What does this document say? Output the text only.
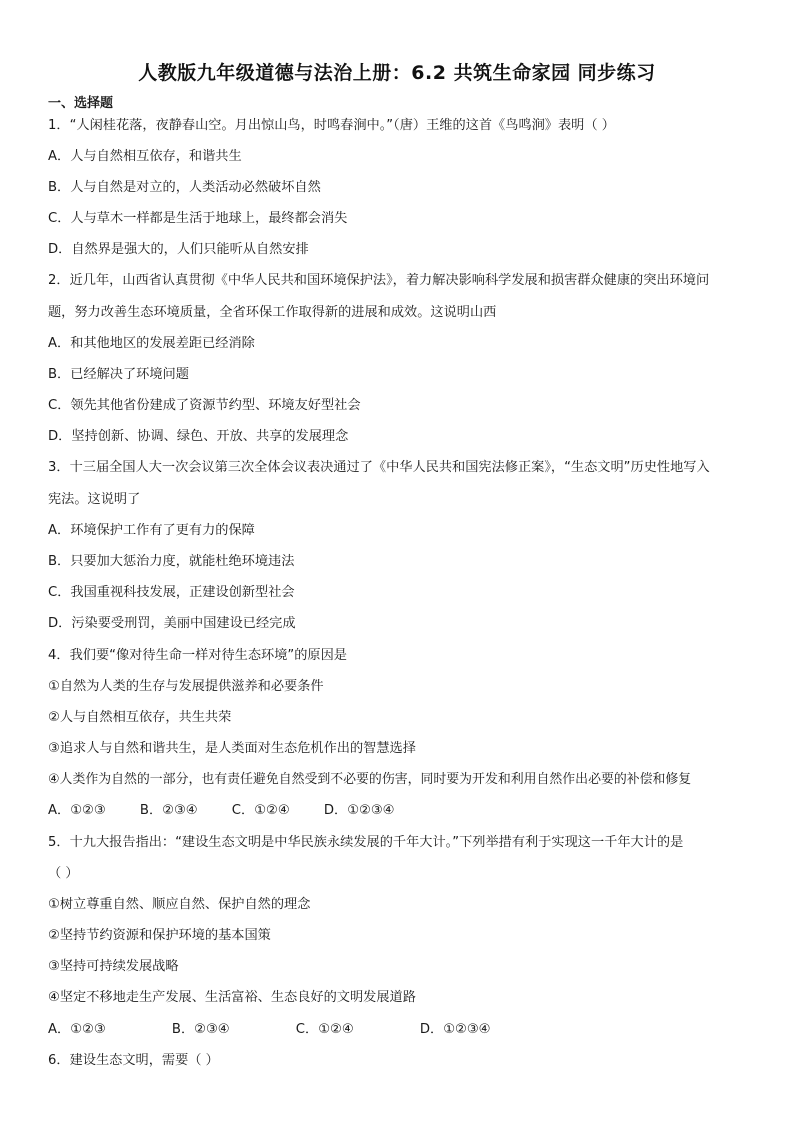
人教版九年级道德与法治上册：6.2 共筑生命家园 同步练习
一、选择题
1．“人闲桂花落，夜静春山空。月出惊山鸟，时鸣春涧中。”（唐）王维的这首《鸟鸣涧》表明（ ）
A．人与自然相互依存，和谐共生
B．人与自然是对立的，人类活动必然破坏自然
C．人与草木一样都是生活于地球上，最终都会消失
D．自然界是强大的，人们只能听从自然安排
2．近几年，山西省认真贯彻《中华人民共和国环境保护法》，着力解决影响科学发展和损害群众健康的突出环境问
题，努力改善生态环境质量，全省环保工作取得新的进展和成效。这说明山西
A．和其他地区的发展差距已经消除
B．已经解决了环境问题
C．领先其他省份建成了资源节约型、环境友好型社会
D．坚持创新、协调、绿色、开放、共享的发展理念
3．十三届全国人大一次会议第三次全体会议表决通过了《中华人民共和国宪法修正案》，“生态文明”历史性地写入
宪法。这说明了
A．环境保护工作有了更有力的保障
B．只要加大惩治力度，就能杜绝环境违法
C．我国重视科技发展，正建设创新型社会
D．污染要受刑罚，美丽中国建设已经完成
4．我们要“像对待生命一样对待生态环境”的原因是
①自然为人类的生存与发展提供滋养和必要条件
②人与自然相互依存，共生共荣
③追求人与自然和谐共生，是人类面对生态危机作出的智慧选择
④人类作为自然的一部分，也有责任避免自然受到不必要的伤害，同时要为开发和利用自然作出必要的补偿和修复
A．①②③	B．②③④	C．①②④	D．①②③④
5．十九大报告指出：“建设生态文明是中华民族永续发展的千年大计。”下列举措有利于实现这一千年大计的是
（ ）
①树立尊重自然、顺应自然、保护自然的理念
②坚持节约资源和保护环境的基本国策
③坚持可持续发展战略
④坚定不移地走生产发展、生活富裕、生态良好的文明发展道路
A．①②③	B．②③④	C．①②④	D．①②③④
6．建设生态文明，需要（ ）
